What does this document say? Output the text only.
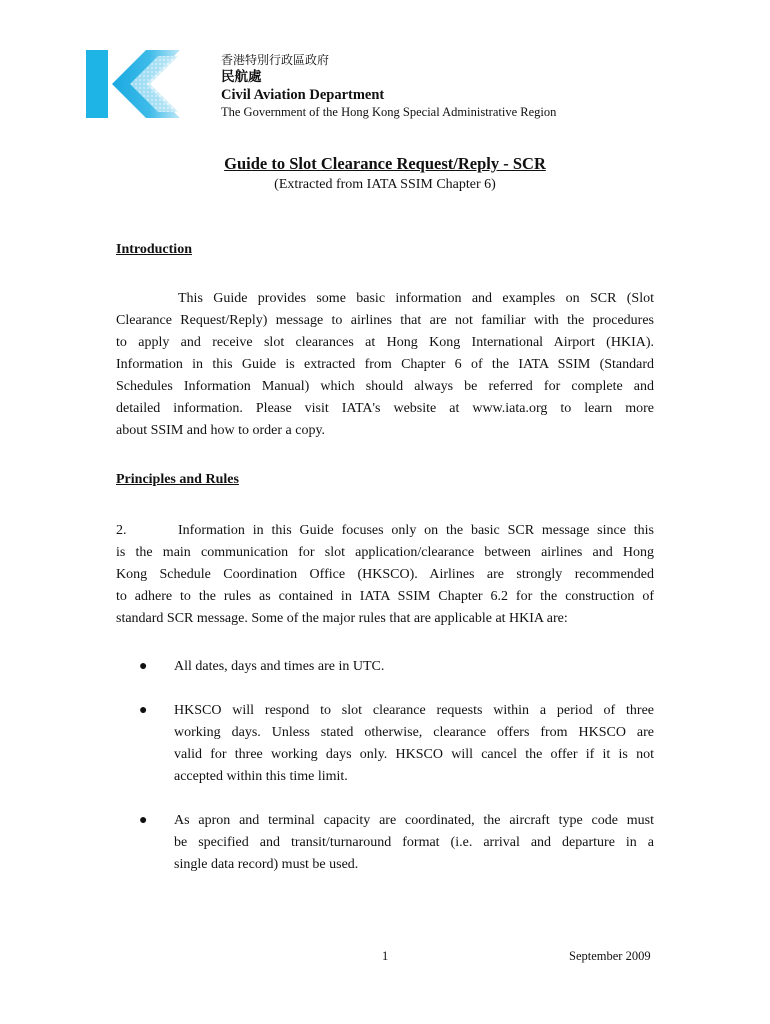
香港特別行政區政府
民航處
Civil Aviation Department
The Government of the Hong Kong Special Administrative Region
Guide to Slot Clearance Request/Reply - SCR
(Extracted from IATA SSIM Chapter 6)
Introduction
This Guide provides some basic information and examples on SCR (Slot
Clearance Request/Reply) message to airlines that are not familiar with the procedures
to apply and receive slot clearances at Hong Kong International Airport (HKIA).
Information in this Guide is extracted from Chapter 6 of the IATA SSIM (Standard
Schedules Information Manual) which should always be referred for complete and
detailed information. Please visit IATA's website at www.iata.org to learn more
about SSIM and how to order a copy.
Principles and Rules
2.	Information in this Guide focuses only on the basic SCR message since this
is the main communication for slot application/clearance between airlines and Hong
Kong Schedule Coordination Office (HKSCO). Airlines are strongly recommended
to adhere to the rules as contained in IATA SSIM Chapter 6.2 for the construction of
standard SCR message. Some of the major rules that are applicable at HKIA are:
● All dates, days and times are in UTC.
● HKSCO will respond to slot clearance requests within a period of three
working days. Unless stated otherwise, clearance offers from HKSCO are
valid for three working days only. HKSCO will cancel the offer if it is not
accepted within this time limit.
● As apron and terminal capacity are coordinated, the aircraft type code must
be specified and transit/turnaround format (i.e. arrival and departure in a
single data record) must be used.
1	September 2009
